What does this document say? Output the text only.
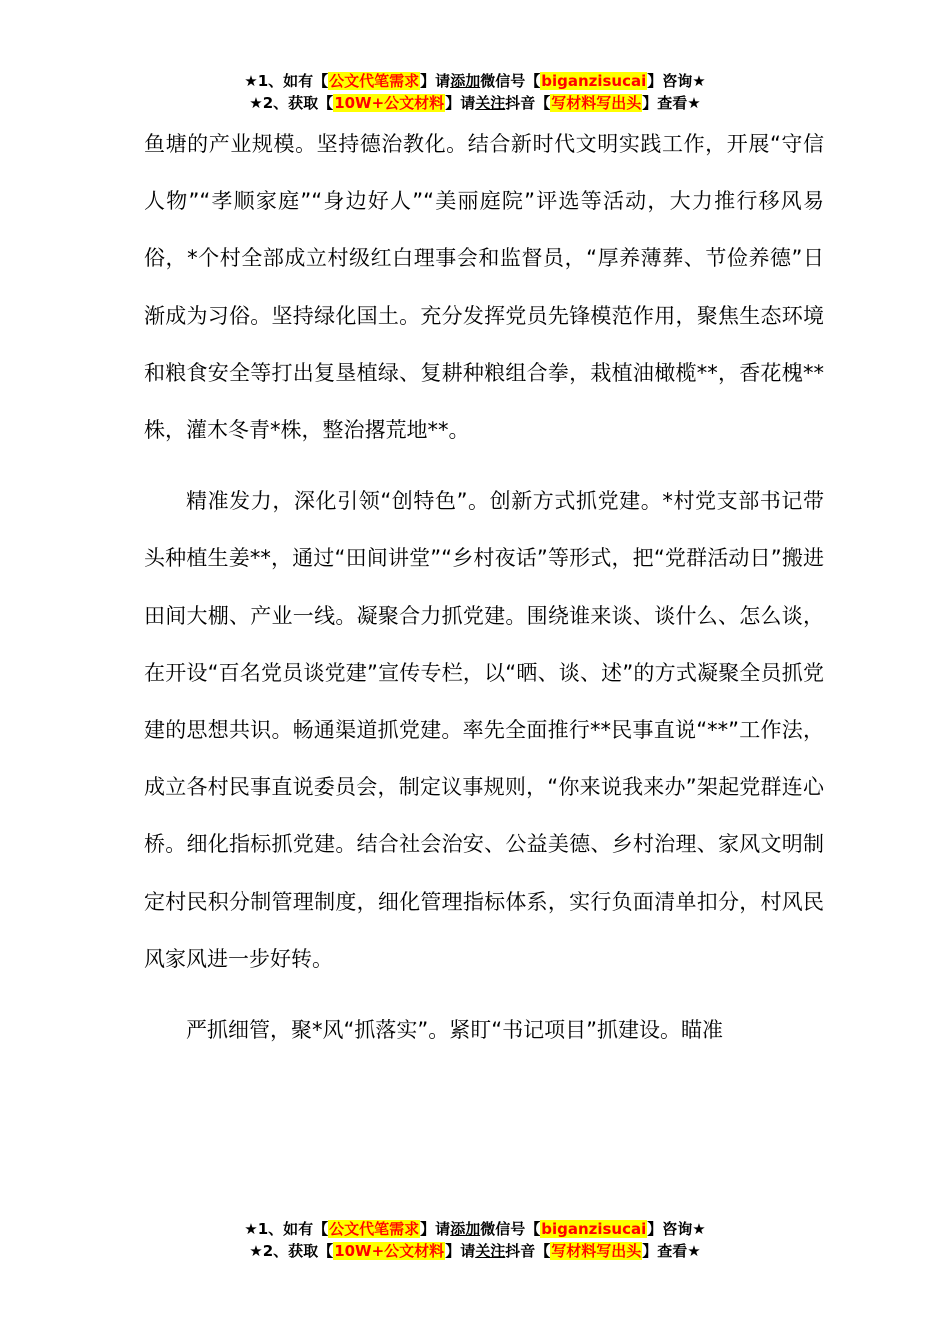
★1、如有【公文代笔需求】请添加微信号【biganzisucai】咨询★
★2、获取【10W+公文材料】请关注抖音【写材料写出头】查看★

鱼塘的产业规模。坚持德治教化。结合新时代文明实践工作，开展“守信人物”“孝顺家庭”“身边好人”“美丽庭院”评选等活动，大力推行移风易俗，*个村全部成立村级红白理事会和监督员，“厚养薄葬、节俭养德”日渐成为习俗。坚持绿化国土。充分发挥党员先锋模范作用，聚焦生态环境和粮食安全等打出复垦植绿、复耕种粮组合拳，栽植油橄榄**，香花槐**株，灌木冬青*株，整治撂荒地**。

精准发力，深化引领“创特色”。创新方式抓党建。*村党支部书记带头种植生姜**，通过“田间讲堂”“乡村夜话”等形式，把“党群活动日”搬进田间大棚、产业一线。凝聚合力抓党建。围绕谁来谈、谈什么、怎么谈，在开设“百名党员谈党建”宣传专栏，以“晒、谈、述”的方式凝聚全员抓党建的思想共识。畅通渠道抓党建。率先全面推行**民事直说“**”工作法，成立各村民事直说委员会，制定议事规则，“你来说我来办”架起党群连心桥。细化指标抓党建。结合社会治安、公益美德、乡村治理、家风文明制定村民积分制管理制度，细化管理指标体系，实行负面清单扣分，村风民风家风进一步好转。

严抓细管，聚*风“抓落实”。紧盯“书记项目”抓建设。瞄准

★1、如有【公文代笔需求】请添加微信号【biganzisucai】咨询★
★2、获取【10W+公文材料】请关注抖音【写材料写出头】查看★
